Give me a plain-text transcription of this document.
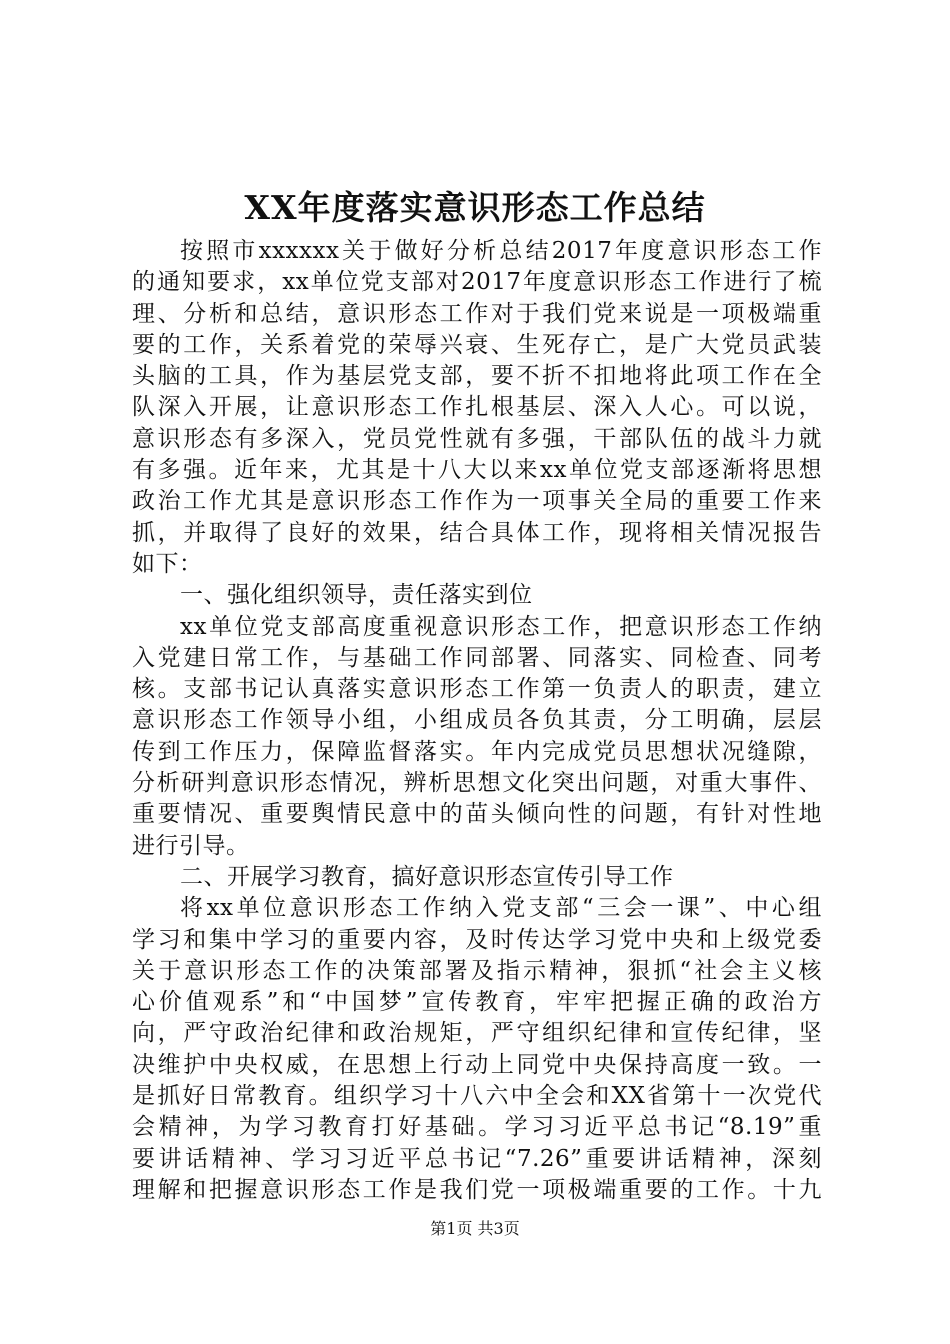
XX年度落实意识形态工作总结
按照市xxxxxx关于做好分析总结2017年度意识形态工作
的通知要求，xx单位党支部对2017年度意识形态工作进行了梳
理、分析和总结，意识形态工作对于我们党来说是一项极端重
要的工作，关系着党的荣辱兴衰、生死存亡，是广大党员武装
头脑的工具，作为基层党支部，要不折不扣地将此项工作在全
队深入开展，让意识形态工作扎根基层、深入人心。可以说，
意识形态有多深入，党员党性就有多强，干部队伍的战斗力就
有多强。近年来，尤其是十八大以来xx单位党支部逐渐将思想
政治工作尤其是意识形态工作作为一项事关全局的重要工作来
抓，并取得了良好的效果，结合具体工作，现将相关情况报告
如下：
一、强化组织领导，责任落实到位
xx单位党支部高度重视意识形态工作，把意识形态工作纳
入党建日常工作，与基础工作同部署、同落实、同检查、同考
核。支部书记认真落实意识形态工作第一负责人的职责，建立
意识形态工作领导小组，小组成员各负其责，分工明确，层层
传到工作压力，保障监督落实。年内完成党员思想状况缝隙，
分析研判意识形态情况，辨析思想文化突出问题，对重大事件、
重要情况、重要舆情民意中的苗头倾向性的问题，有针对性地
进行引导。
二、开展学习教育，搞好意识形态宣传引导工作
将xx单位意识形态工作纳入党支部“三会一课”、中心组
学习和集中学习的重要内容，及时传达学习党中央和上级党委
关于意识形态工作的决策部署及指示精神，狠抓“社会主义核
心价值观系”和“中国梦”宣传教育，牢牢把握正确的政治方
向，严守政治纪律和政治规矩，严守组织纪律和宣传纪律，坚
决维护中央权威，在思想上行动上同党中央保持高度一致。一
是抓好日常教育。组织学习十八六中全会和XX省第十一次党代
会精神，为学习教育打好基础。学习习近平总书记“8.19”重
要讲话精神、学习习近平总书记“7.26”重要讲话精神，深刻
理解和把握意识形态工作是我们党一项极端重要的工作。十九
第1页 共3页
